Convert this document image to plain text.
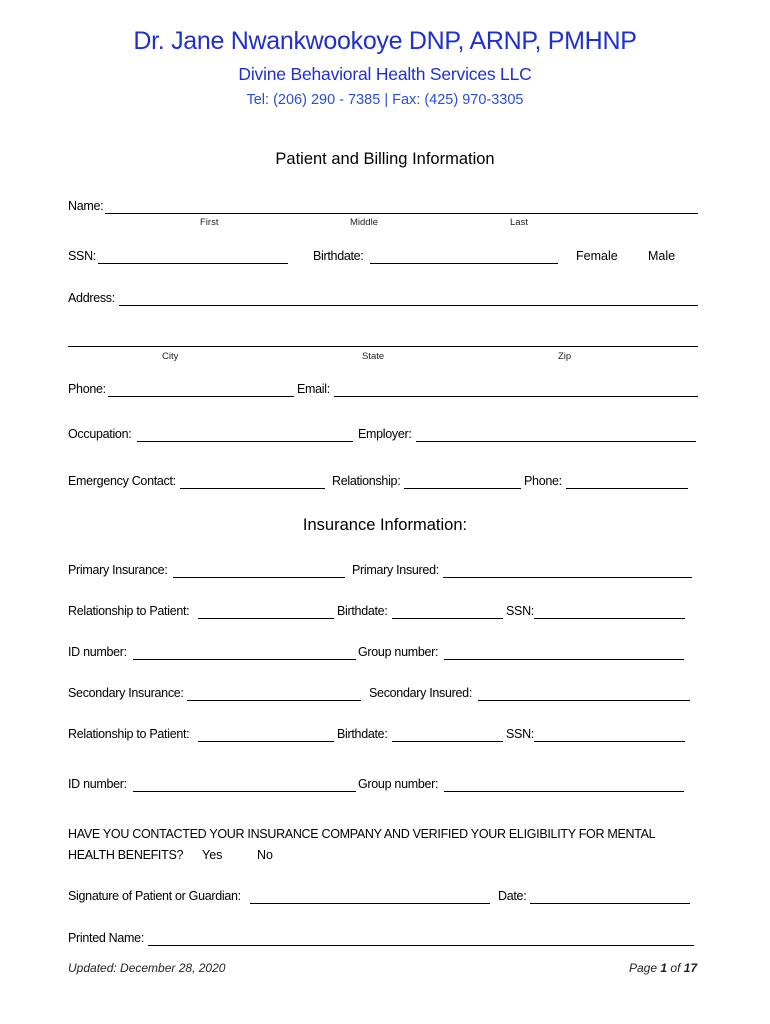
Dr. Jane Nwankwookoye DNP, ARNP, PMHNP
Divine Behavioral Health Services LLC
Tel: (206) 290 - 7385 | Fax: (425) 970-3305
Patient and Billing Information
Name:
First	Middle	Last
SSN:	Birthdate:	Female Male
Address:
City	State	Zip
Phone:	Email:
Occupation:	Employer:
Emergency Contact:	Relationship:	Phone:
Insurance Information:
Primary Insurance:	Primary Insured:
Relationship to Patient:	Birthdate:	SSN:
ID number:	Group number:
Secondary Insurance:	Secondary Insured:
Relationship to Patient:	Birthdate:	SSN:
ID number:	Group number:
HAVE YOU CONTACTED YOUR INSURANCE COMPANY AND VERIFIED YOUR ELIGIBILITY FOR MENTAL
HEALTH BENEFITS? Yes	No
Signature of Patient or Guardian:	Date:
Printed Name:
Updated: December 28, 2020	Page 1 of 17
